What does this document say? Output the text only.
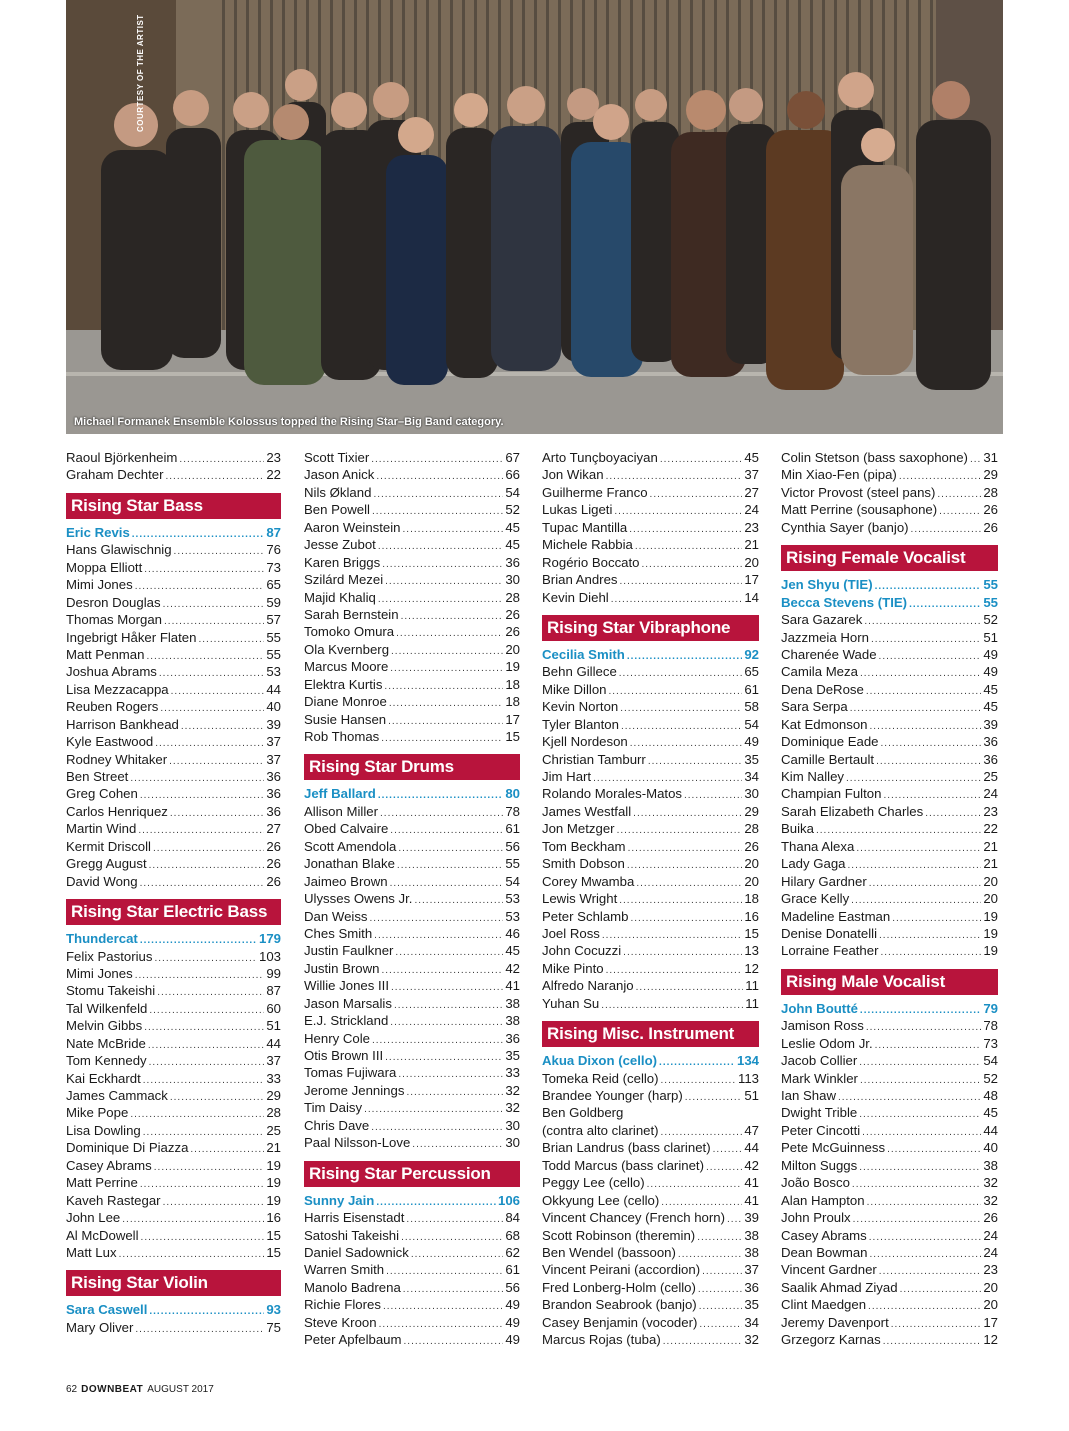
COURTESY OF THE ARTIST
Michael Formanek Ensemble Kolossus topped the Rising Star–Big Band category.
Raoul Björkenheim .....	23
Graham Dechter .....	22
Rising Star Bass
Eric Revis .....	87
Hans Glawischnig .....	76
Moppa Elliott .....	73
Mimi Jones .....	65
Desron Douglas .....	59
Thomas Morgan .....	57
Ingebrigt Håker Flaten .....	55
Matt Penman .....	55
Joshua Abrams .....	53
Lisa Mezzacappa .....	44
Reuben Rogers .....	40
Harrison Bankhead .....	39
Kyle Eastwood .....	37
Rodney Whitaker .....	37
Ben Street .....	36
Greg Cohen .....	36
Carlos Henriquez .....	36
Martin Wind .....	27
Kermit Driscoll .....	26
Gregg August .....	26
David Wong .....	26
Rising Star Electric Bass
Thundercat .....	179
Felix Pastorius .....	103
Mimi Jones .....	99
Stomu Takeishi .....	87
Tal Wilkenfeld .....	60
Melvin Gibbs .....	51
Nate McBride .....	44
Tom Kennedy .....	37
Kai Eckhardt .....	33
James Cammack .....	29
Mike Pope .....	28
Lisa Dowling .....	25
Dominique Di Piazza .....	21
Casey Abrams .....	19
Matt Perrine .....	19
Kaveh Rastegar .....	19
John Lee .....	16
Al McDowell .....	15
Matt Lux .....	15
Rising Star Violin
Sara Caswell .....	93
Mary Oliver .....	75
Scott Tixier .....	67
Jason Anick .....	66
Nils Økland .....	54
Ben Powell .....	52
Aaron Weinstein .....	45
Jesse Zubot .....	45
Karen Briggs .....	36
Szilárd Mezei .....	30
Majid Khaliq .....	28
Sarah Bernstein .....	26
Tomoko Omura .....	26
Ola Kvernberg .....	20
Marcus Moore .....	19
Elektra Kurtis .....	18
Diane Monroe .....	18
Susie Hansen .....	17
Rob Thomas .....	15
Rising Star Drums
Jeff Ballard .....	80
Allison Miller .....	78
Obed Calvaire .....	61
Scott Amendola .....	56
Jonathan Blake .....	55
Jaimeo Brown .....	54
Ulysses Owens Jr. .....	53
Dan Weiss .....	53
Ches Smith .....	46
Justin Faulkner .....	45
Justin Brown .....	42
Willie Jones III .....	41
Jason Marsalis .....	38
E.J. Strickland .....	38
Henry Cole .....	36
Otis Brown III .....	35
Tomas Fujiwara .....	33
Jerome Jennings .....	32
Tim Daisy .....	32
Chris Dave .....	30
Paal Nilsson-Love .....	30
Rising Star Percussion
Sunny Jain .....	106
Harris Eisenstadt .....	84
Satoshi Takeishi .....	68
Daniel Sadownick .....	62
Warren Smith .....	61
Manolo Badrena .....	56
Richie Flores .....	49
Steve Kroon .....	49
Peter Apfelbaum .....	49
Arto Tunçboyaciyan .....	45
Jon Wikan .....	37
Guilherme Franco .....	27
Lukas Ligeti .....	24
Tupac Mantilla .....	23
Michele Rabbia .....	21
Rogério Boccato .....	20
Brian Andres .....	17
Kevin Diehl .....	14
Rising Star Vibraphone
Cecilia Smith .....	92
Behn Gillece .....	65
Mike Dillon .....	61
Kevin Norton .....	58
Tyler Blanton .....	54
Kjell Nordeson .....	49
Christian Tamburr .....	35
Jim Hart .....	34
Rolando Morales-Matos .....	30
James Westfall .....	29
Jon Metzger .....	28
Tom Beckham .....	26
Smith Dobson .....	20
Corey Mwamba .....	20
Lewis Wright .....	18
Peter Schlamb .....	16
Joel Ross .....	15
John Cocuzzi .....	13
Mike Pinto .....	12
Alfredo Naranjo .....	11
Yuhan Su .....	11
Rising Misc. Instrument
Akua Dixon (cello) .....	134
Tomeka Reid (cello) .....	113
Brandee Younger (harp) .....	51
Ben Goldberg
(contra alto clarinet) .....	47
Brian Landrus (bass clarinet) .....	44
Todd Marcus (bass clarinet) .....	42
Peggy Lee (cello) .....	41
Okkyung Lee (cello) .....	41
Vincent Chancey (French horn) ..... 39
Scott Robinson (theremin) .....	38
Ben Wendel (bassoon) .....	38
Vincent Peirani (accordion) .....	37
Fred Lonberg-Holm (cello) .....	36
Brandon Seabrook (banjo) .....	35
Casey Benjamin (vocoder) .....	34
Marcus Rojas (tuba) .....	32
Colin Stetson (bass saxophone) ..... 31
Min Xiao-Fen (pipa) .....	29
Victor Provost (steel pans) .....	28
Matt Perrine (sousaphone) .....	26
Cynthia Sayer (banjo) .....	26
Rising Female Vocalist
Jen Shyu (TIE) .....	55
Becca Stevens (TIE) .....	55
Sara Gazarek .....	52
Jazzmeia Horn .....	51
Charenée Wade .....	49
Camila Meza .....	49
Dena DeRose .....	45
Sara Serpa .....	45
Kat Edmonson .....	39
Dominique Eade .....	36
Camille Bertault .....	36
Kim Nalley .....	25
Champian Fulton .....	24
Sarah Elizabeth Charles .....	23
Buika .....	22
Thana Alexa .....	21
Lady Gaga .....	21
Hilary Gardner .....	20
Grace Kelly .....	20
Madeline Eastman .....	19
Denise Donatelli .....	19
Lorraine Feather .....	19
Rising Male Vocalist
John Boutté .....	79
Jamison Ross .....	78
Leslie Odom Jr. .....	73
Jacob Collier .....	54
Mark Winkler .....	52
Ian Shaw .....	48
Dwight Trible .....	45
Peter Cincotti .....	44
Pete McGuinness .....	40
Milton Suggs .....	38
João Bosco .....	32
Alan Hampton .....	32
John Proulx .....	26
Casey Abrams .....	24
Dean Bowman .....	24
Vincent Gardner .....	23
Saalik Ahmad Ziyad .....	20
Clint Maedgen .....	20
Jeremy Davenport .....	17
Grzegorz Karnas .....	12
62 DOWNBEAT AUGUST 2017
